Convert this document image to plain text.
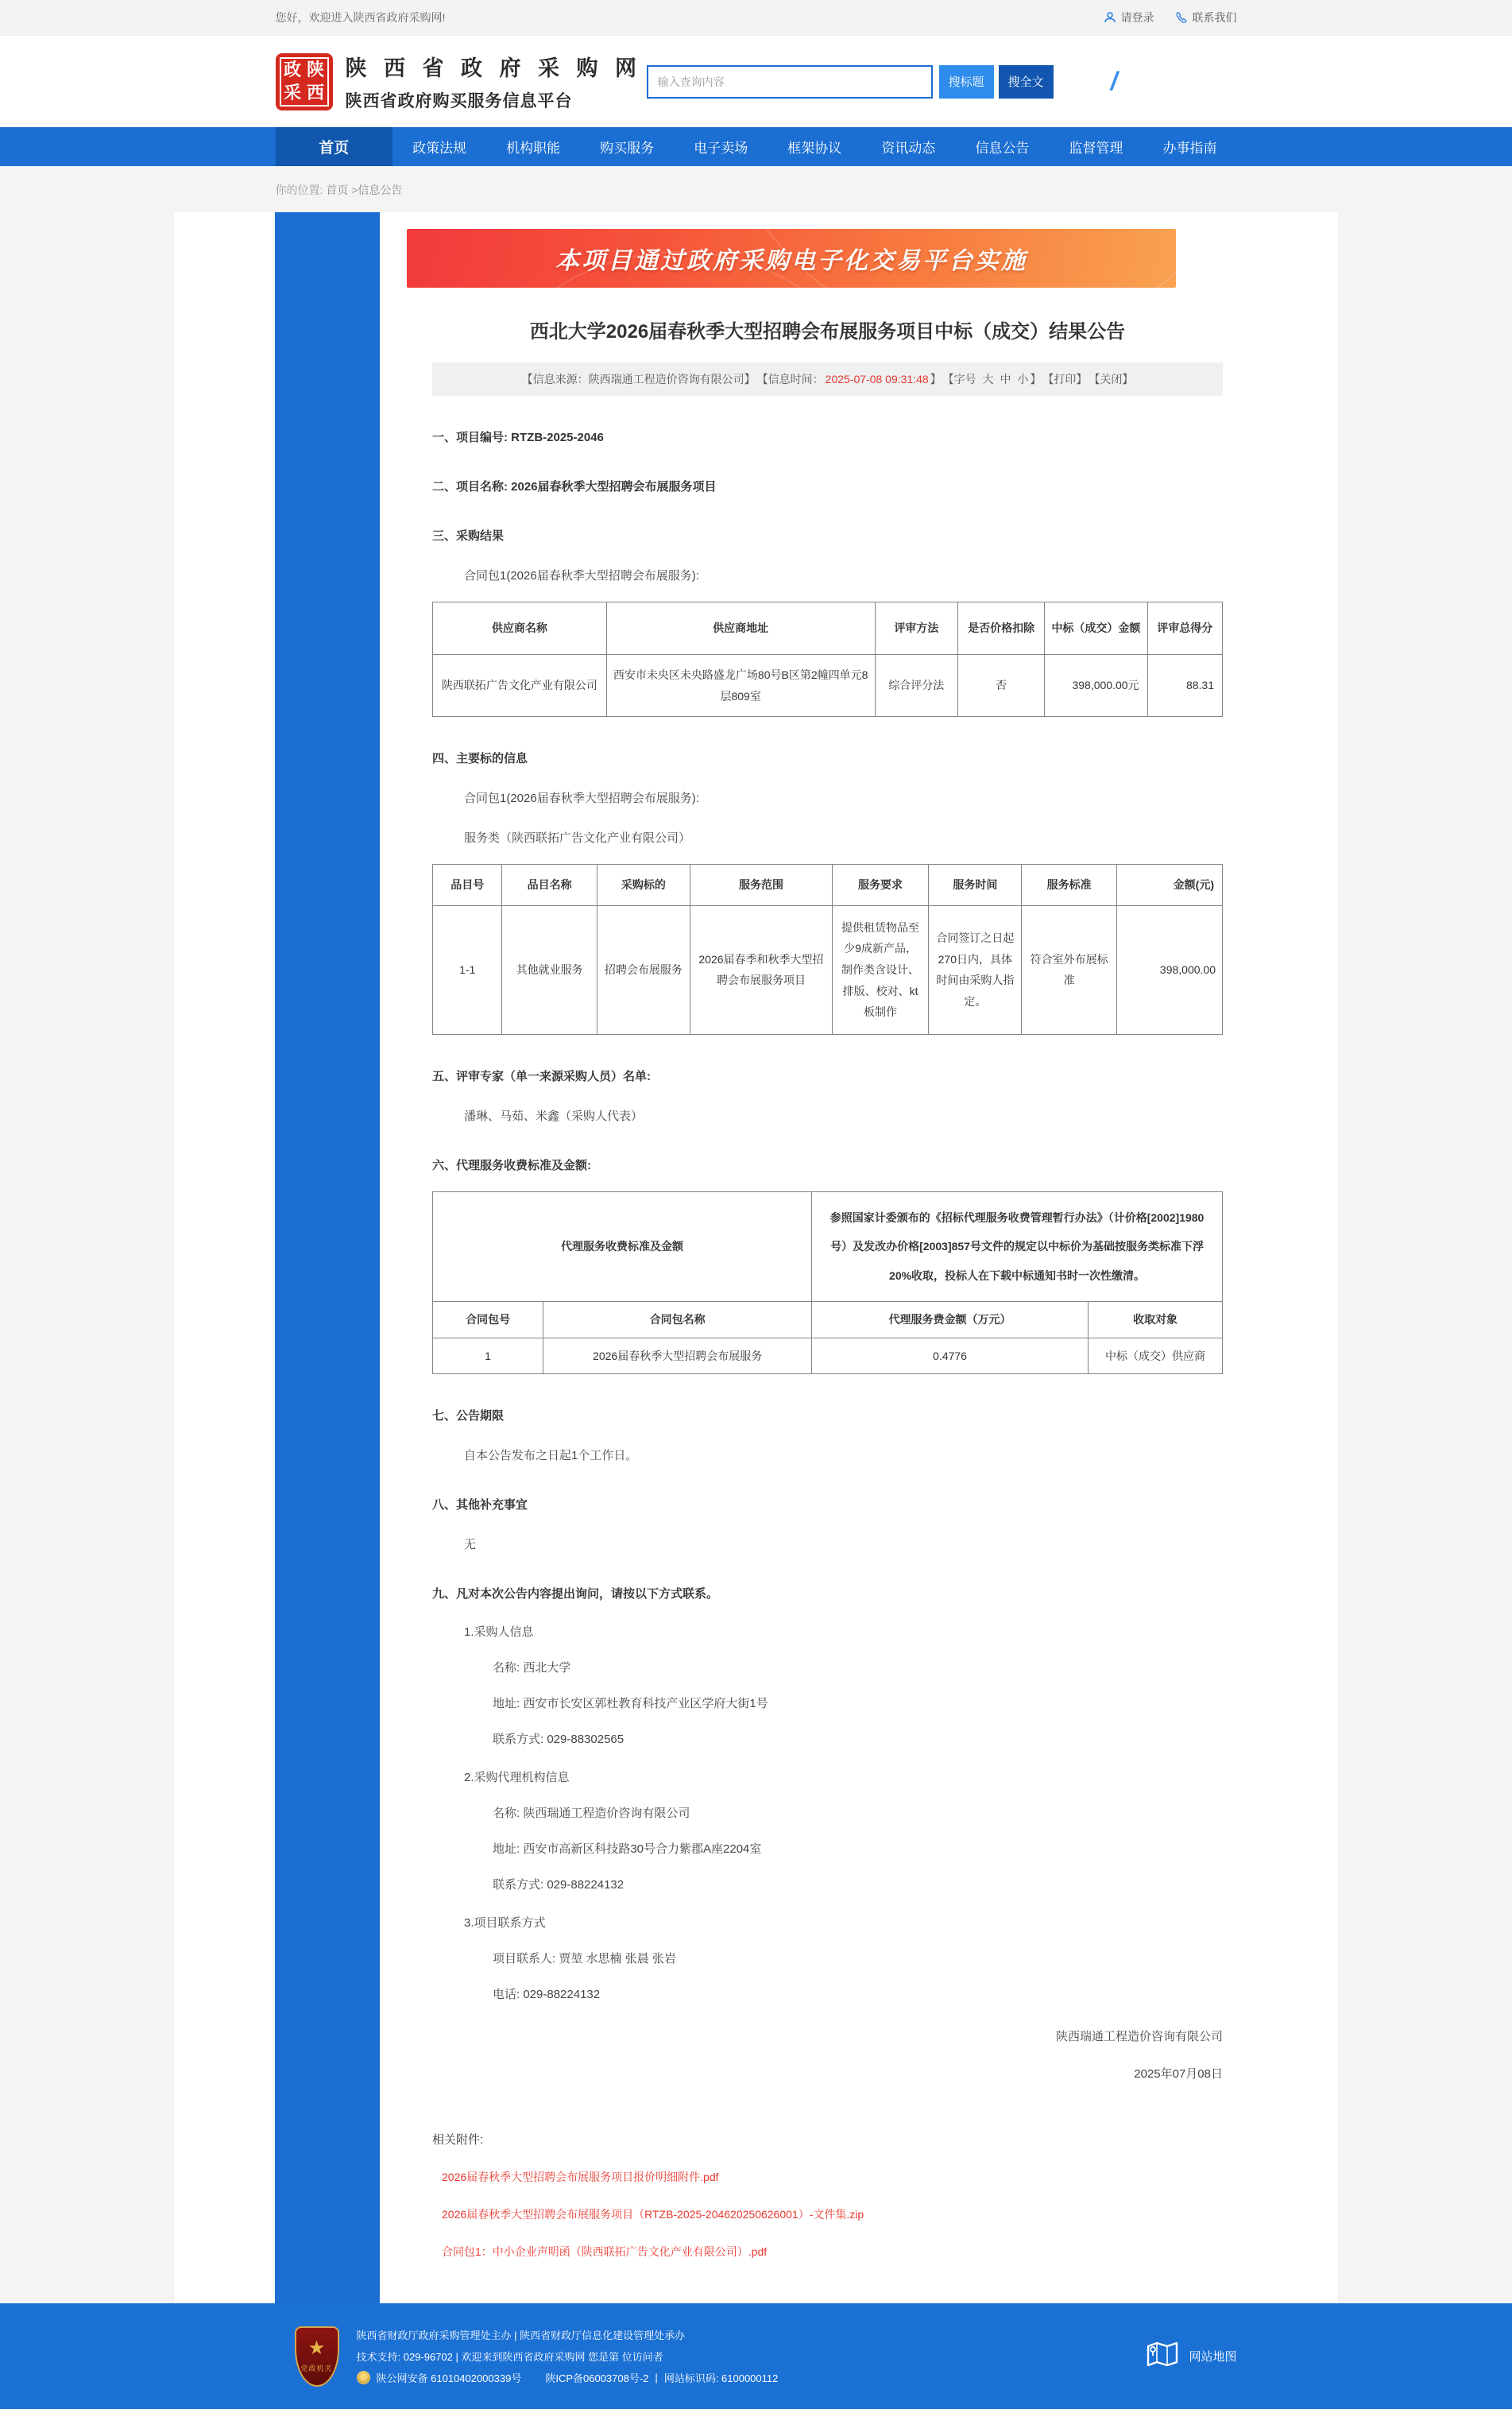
您好，欢迎进入陕西省政府采购网!	请登录	联系我们
政 陕
采 西
陕 西 省 政 府 采 购 网
陕西省政府购买服务信息平台
输入查询内容
搜标题	搜全文	/
首页	政策法规	机构职能	购买服务	电子卖场	框架协议	资讯动态	信息公告	监督管理	办事指南
你的位置: 首页 >信息公告
本项目通过政府采购电子化交易平台实施
西北大学2026届春秋季大型招聘会布展服务项目中标（成交）结果公告
【信息来源：陕西瑞通工程造价咨询有限公司】 【信息时间： 2025-07-08 09:31:48 】 【字号
大
中
小 】 【打印】 【关闭】

一、项目编号: RTZB-2025-2046

二、项目名称: 2026届春秋季大型招聘会布展服务项目

三、采购结果

合同包1(2026届春秋季大型招聘会布展服务):

供应商名称	供应商地址	评审方法	是否价格扣除	中标（成交）金额	评审总得分
陕西联拓广告文化产业有限公司	西安市未央区未央路盛龙广场80号B区第2幢四单元8层809室	综合评分法	否	398,000.00元	88.31

四、主要标的信息

合同包1(2026届春秋季大型招聘会布展服务):

服务类（陕西联拓广告文化产业有限公司）

品目号	品目名称	采购标的	服务范围	服务要求	服务时间	服务标准	金额(元)
1-1	其他就业服务	招聘会布展服务	2026届春季和秋季大型招聘会布展服务项目	提供租赁物品至少9成新产品，制作类含设计、排版、校对、kt板制作	合同签订之日起270日内，具体时间由采购人指定。	符合室外布展标准	398,000.00

五、评审专家（单一来源采购人员）名单:

潘琳、马茹、米鑫（采购人代表）

六、代理服务收费标准及金额:

代理服务收费标准及金额		参照国家计委颁布的《招标代理服务收费管理暂行办法》（计价格[2002]1980号）及发改办价格[2003]857号文件的规定以中标价为基础按服务类标准下浮20%收取，投标人在下载中标通知书时一次性缴清。	
合同包号	合同包名称	代理服务费金额（万元）	收取对象
1	2026届春秋季大型招聘会布展服务	0.4776	中标（成交）供应商

七、公告期限

自本公告发布之日起1个工作日。

八、其他补充事宜

无

九、凡对本次公告内容提出询问，请按以下方式联系。

1.采购人信息

名称: 西北大学

地址: 西安市长安区郭杜教育科技产业区学府大街1号

联系方式: 029-88302565

2.采购代理机构信息

名称: 陕西瑞通工程造价咨询有限公司

地址: 西安市高新区科技路30号合力紫郡A座2204室

联系方式: 029-88224132

3.项目联系方式

项目联系人: 贾堃 水思楠 张晨 张岩

电话: 029-88224132

陕西瑞通工程造价咨询有限公司
2025年07月08日
相关附件:
2026届春秋季大型招聘会布展服务项目报价明细附件.pdf
2026届春秋季大型招聘会布展服务项目（RTZB-2025-204620250626001）-文件集.zip
合同包1：中小企业声明函（陕西联拓广告文化产业有限公司）.pdf
★
党政机关
陕西省财政厅政府采购管理处主办 | 陕西省财政厅信息化建设管理处承办
技术支持: 029-96702 | 欢迎来到陕西省政府采购网 您是第 位访问者
陕公网安备 61010402000339号 陕ICP备06003708号-2 | 网站标识码: 6100000112
网站地图
